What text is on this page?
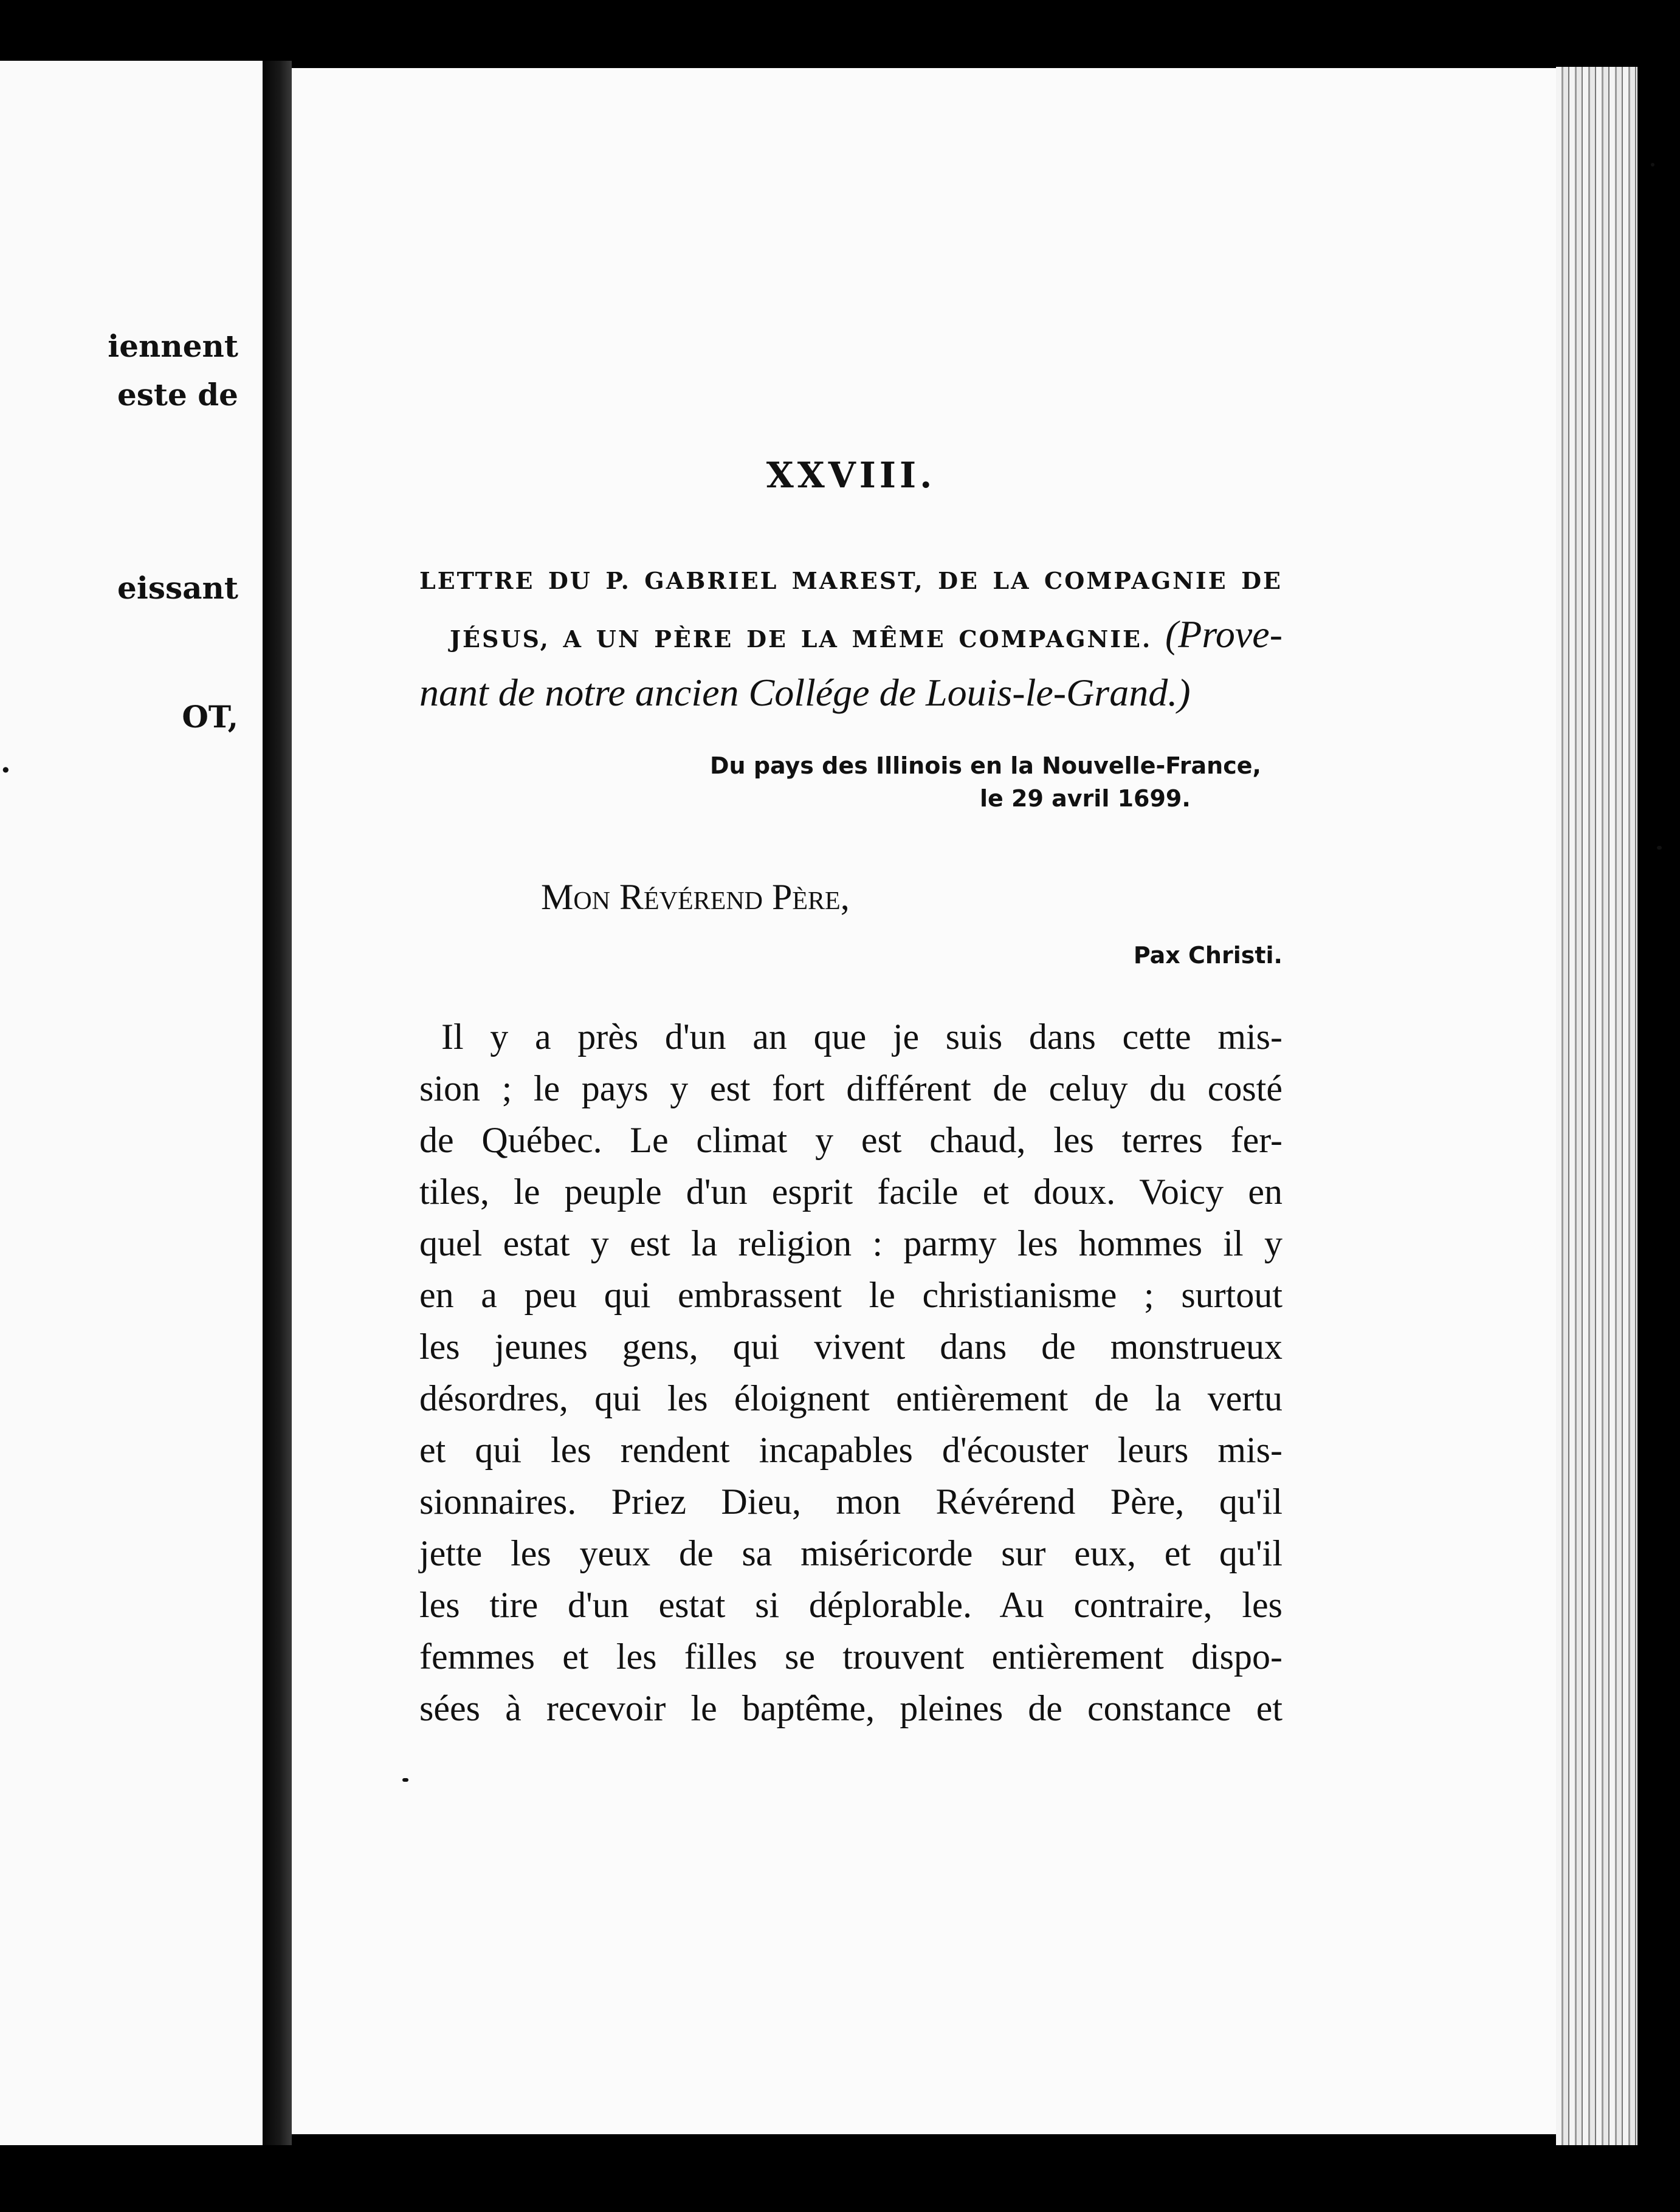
iennent
este de
eissant
OT,
.
XXVIII.
LETTRE DU P. GABRIEL MAREST, DE LA COMPAGNIE DE
JÉSUS, A UN PÈRE DE LA MÊME COMPAGNIE. (Prove-
nant de notre ancien Collége de Louis-le-Grand.)
Du pays des Illinois en la Nouvelle-France,
le 29 avril 1699.
Mon Révérend Père,
Pax Christi.
Il y a près d'un an que je suis dans cette mis-
sion ; le pays y est fort différent de celuy du costé
de Québec. Le climat y est chaud, les terres fer-
tiles, le peuple d'un esprit facile et doux. Voicy en
quel estat y est la religion : parmy les hommes il y
en a peu qui embrassent le christianisme ; surtout
les jeunes gens, qui vivent dans de monstrueux
désordres, qui les éloignent entièrement de la vertu
et qui les rendent incapables d'écouster leurs mis-
sionnaires. Priez Dieu, mon Révérend Père, qu'il
jette les yeux de sa miséricorde sur eux, et qu'il
les tire d'un estat si déplorable. Au contraire, les
femmes et les filles se trouvent entièrement dispo-
sées à recevoir le baptême, pleines de constance et
